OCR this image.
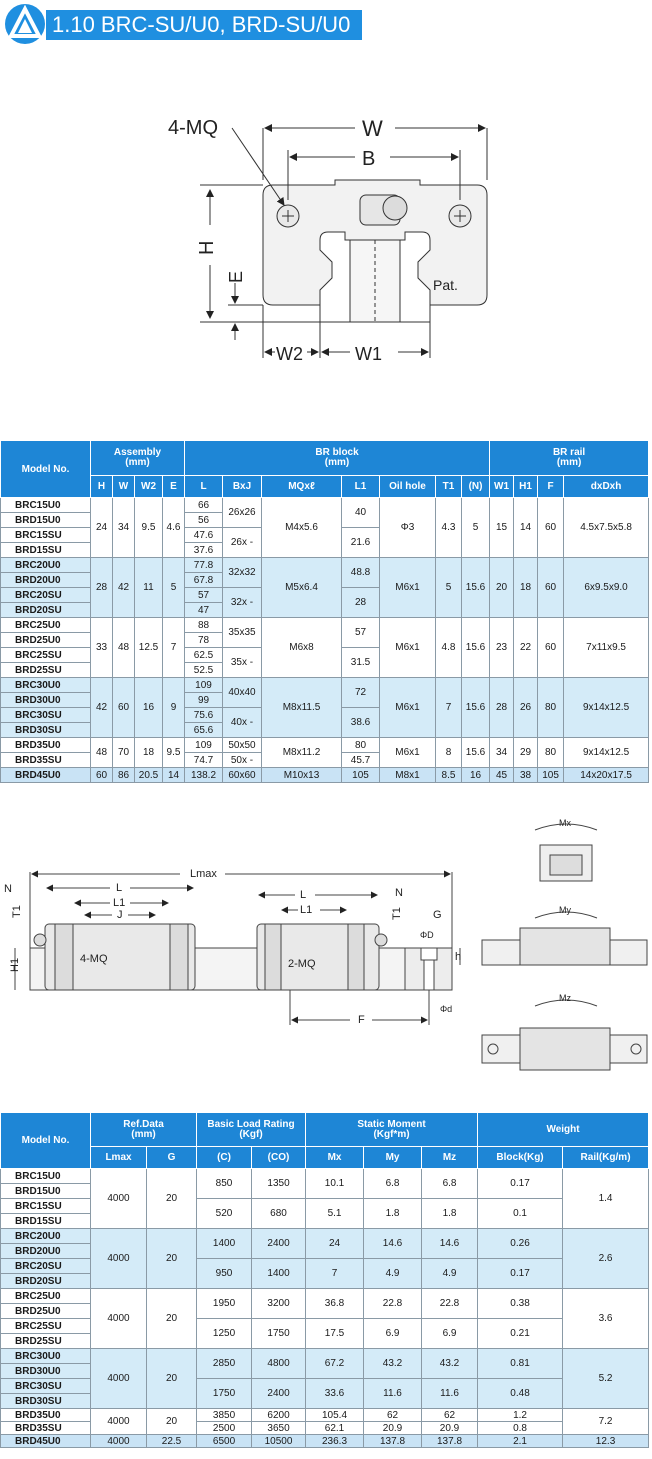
1.10 BRC-SU/U0, BRD-SU/U0
4-MQ	W
B
H
E
W2	W1
Pat.
Model No.	Assembly
(mm)				BR block
(mm)							BR rail
(mm)			

	H	W	W2	E	L	BxJ	MQxℓ	L1	Oil hole	T1	(N)	W1	H1	F	dxDxh
BRC15U0	24	34	9.5	4.6	66	26x26	M4x5.6	40	Φ3	4.3	5	15	14	60	4.5x7.5x5.8
BRD15U0					56										
BRC15SU					47.6	26x -		21.6							
BRD15SU					37.6										
BRC20U0	28	42	11	5	77.8	32x32	M5x6.4	48.8	M6x1	5	15.6	20	18	60	6x9.5x9.0
BRD20U0					67.8										
BRC20SU					57	32x -		28							
BRD20SU					47										
BRC25U0	33	48	12.5	7	88	35x35	M6x8	57	M6x1	4.8	15.6	23	22	60	7x11x9.5
BRD25U0					78										
BRC25SU					62.5	35x -		31.5							
BRD25SU					52.5										
BRC30U0	42	60	16	9	109	40x40	M8x11.5	72	M6x1	7	15.6	28	26	80	9x14x12.5
BRD30U0					99										
BRC30SU					75.6	40x -		38.6							
BRD30SU					65.6										
BRD35U0	48	70	18	9.5	109	50x50	M8x11.2	80	M6x1	8	15.6	34	29	80	9x14x12.5
BRD35SU					74.7	50x -		45.7							
BRD45U0	60	86	20.5	14	138.2	60x60	M10x13	105	M8x1	8.5	16	45	38	105	14x20x17.5
Lmax
N	L
L1
J
T1
H1	4-MQ
L
L1
N
T1
2-MQ
G
ΦD
h
Φd
F
Mx
My
Mz
Model No.	Ref.Data
(mm)		Basic Load Rating
(Kgf)		Static Moment
(Kgf*m)			Weight	
	Lmax	G	(C)	(CO)	Mx	My	Mz	Block(Kg)	Rail(Kg/m)
BRC15U0	4000	20	850	1350	10.1	6.8	6.8	0.17	1.4
BRD15U0									
BRC15SU			520	680	5.1	1.8	1.8	0.1	
BRD15SU									
BRC20U0	4000	20	1400	2400	24	14.6	14.6	0.26	2.6
BRD20U0									
BRC20SU			950	1400	7	4.9	4.9	0.17	
BRD20SU									
BRC25U0	4000	20	1950	3200	36.8	22.8	22.8	0.38	3.6
BRD25U0									
BRC25SU			1250	1750	17.5	6.9	6.9	0.21	
BRD25SU									
BRC30U0	4000	20	2850	4800	67.2	43.2	43.2	0.81	5.2
BRD30U0									
BRC30SU			1750	2400	33.6	11.6	11.6	0.48	
BRD30SU									
BRD35U0	4000	20	3850	6200	105.4	62	62	1.2	7.2
BRD35SU			2500	3650	62.1	20.9	20.9	0.8	
BRD45U0	4000	22.5	6500	10500	236.3	137.8	137.8	2.1	12.3
